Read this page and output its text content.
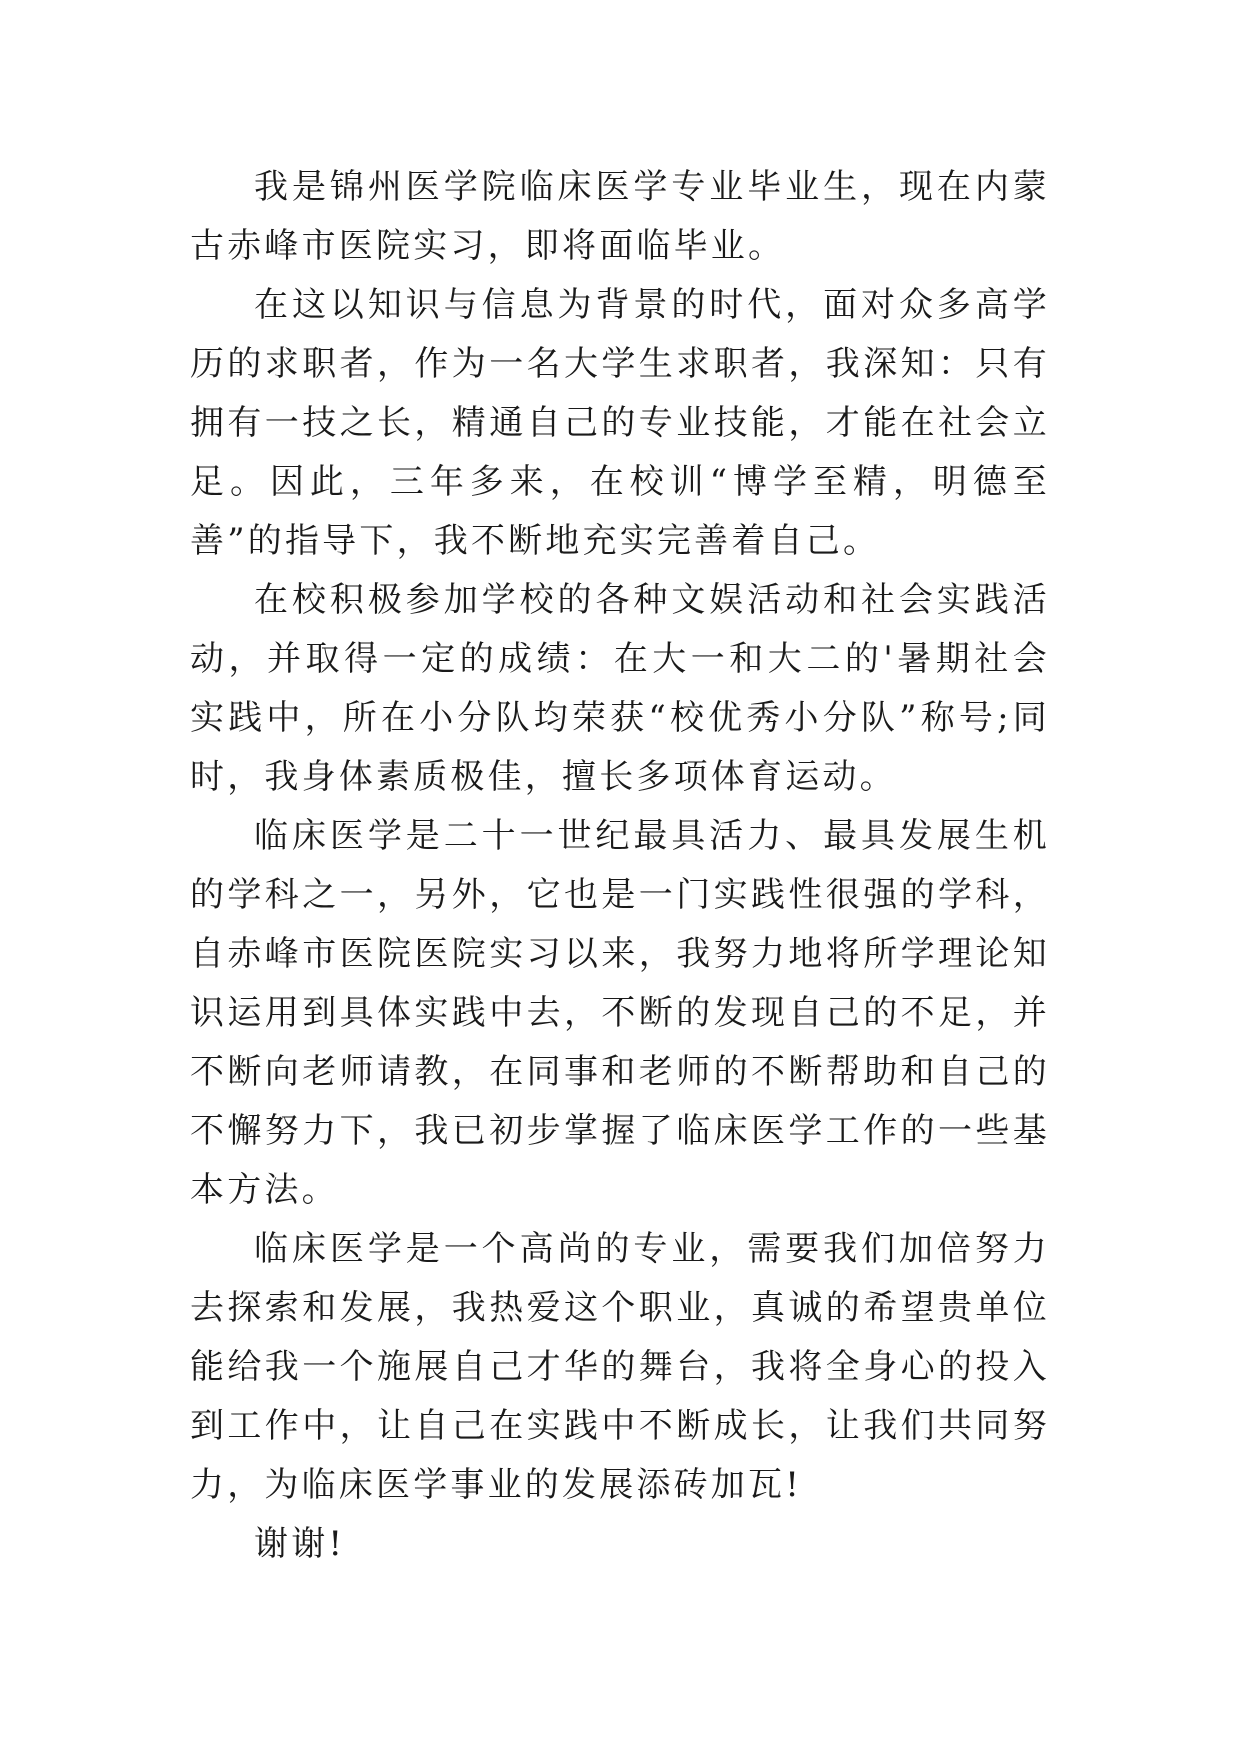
我是锦州医学院临床医学专业毕业生，现在内蒙古赤峰市医院实习，即将面临毕业。

在这以知识与信息为背景的时代，面对众多高学历的求职者，作为一名大学生求职者，我深知：只有拥有一技之长，精通自己的专业技能，才能在社会立足。因此，三年多来，在校训“博学至精，明德至善”的指导下，我不断地充实完善着自己。

在校积极参加学校的各种文娱活动和社会实践活动，并取得一定的成绩：在大一和大二的'暑期社会实践中，所在小分队均荣获“校优秀小分队”称号;同时，我身体素质极佳，擅长多项体育运动。

临床医学是二十一世纪最具活力、最具发展生机的学科之一，另外，它也是一门实践性很强的学科，自赤峰市医院医院实习以来，我努力地将所学理论知识运用到具体实践中去，不断的发现自己的不足，并不断向老师请教，在同事和老师的不断帮助和自己的不懈努力下，我已初步掌握了临床医学工作的一些基本方法。

临床医学是一个高尚的专业，需要我们加倍努力去探索和发展，我热爱这个职业，真诚的希望贵单位能给我一个施展自己才华的舞台，我将全身心的投入到工作中，让自己在实践中不断成长，让我们共同努力，为临床医学事业的发展添砖加瓦!

谢谢!
